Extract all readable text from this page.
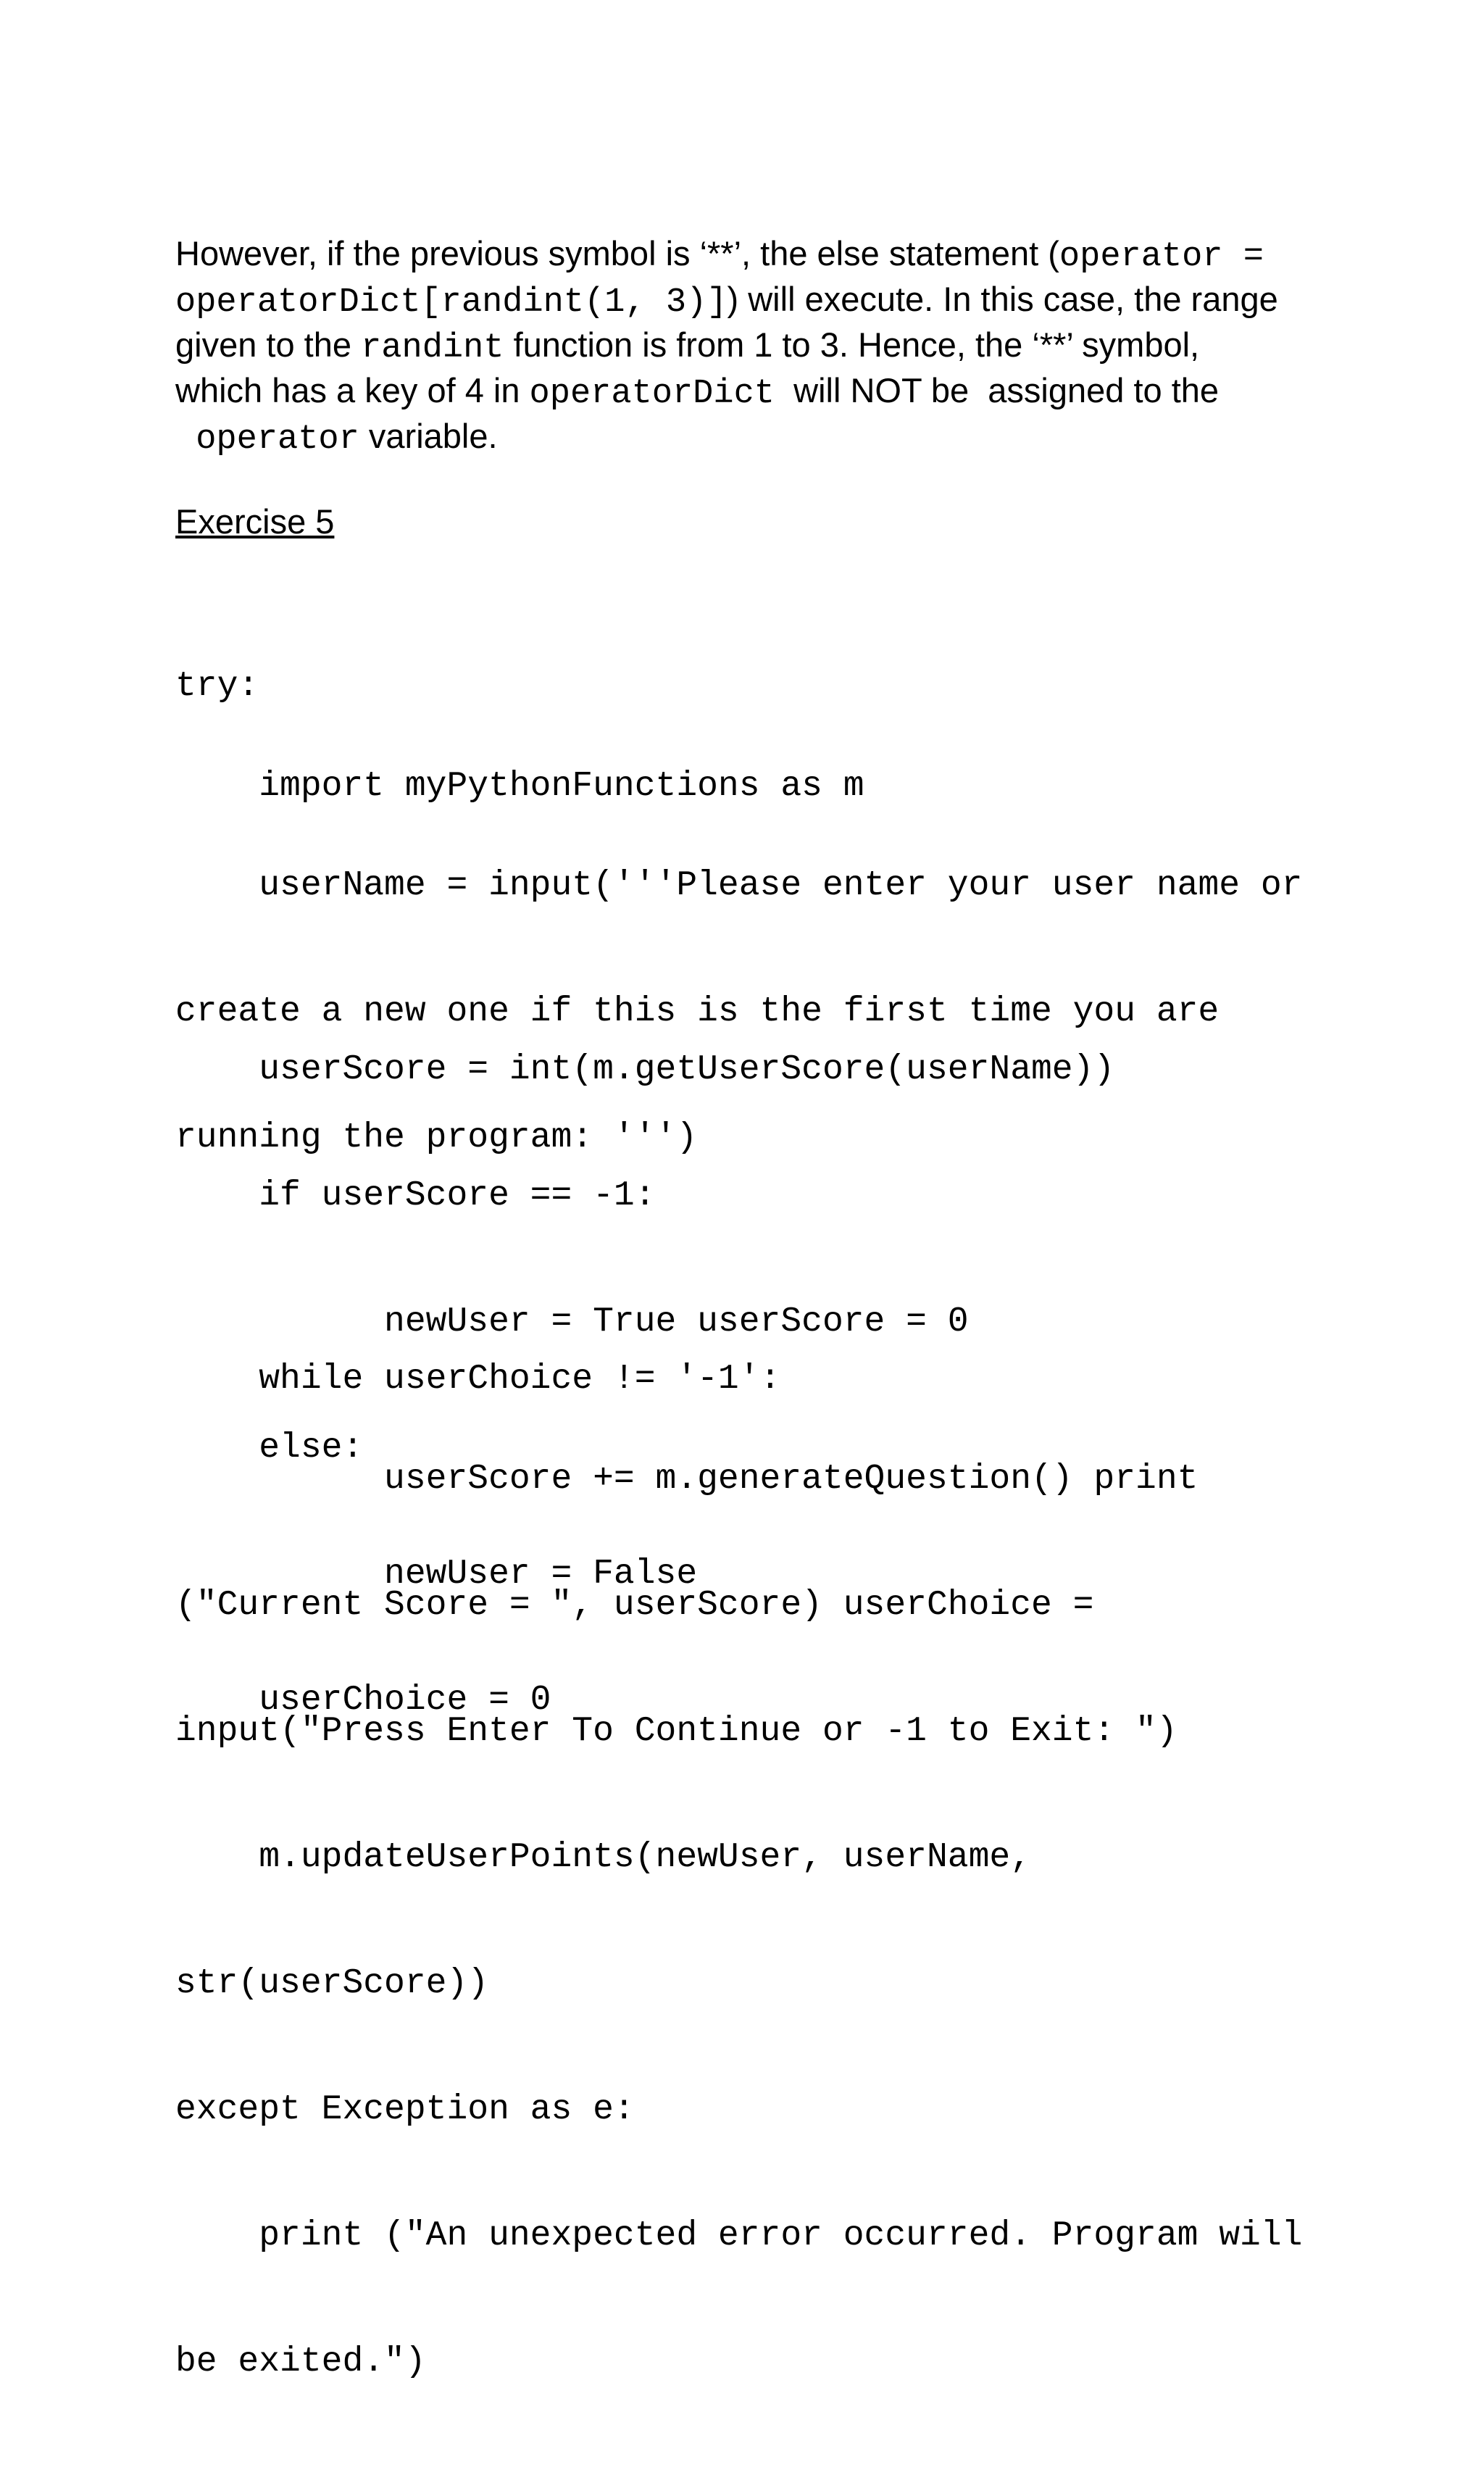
However, if the previous symbol is ‘**’, the else statement (operator =
operatorDict[randint(1, 3)]) will execute. In this case, the range
given to the randint function is from 1 to 3. Hence, the ‘**’ symbol,
which has a key of 4 in operatorDict  will NOT be  assigned to the
operator variable.
Exercise 5

try:

import myPythonFunctions as m

userName = input('''Please enter your user name or

create a new one if this is the first time you are

running the program: ''')

userScore = int(m.getUserScore(userName))

if userScore == -1:

newUser = True userScore = 0

else:

newUser = False

userChoice = 0

while userChoice != '-1':

userScore += m.generateQuestion() print

("Current Score = ", userScore) userChoice =

input("Press Enter To Continue or -1 to Exit: ")

m.updateUserPoints(newUser, userName,

str(userScore))

except Exception as e:

print ("An unexpected error occurred. Program will

be exited.")
